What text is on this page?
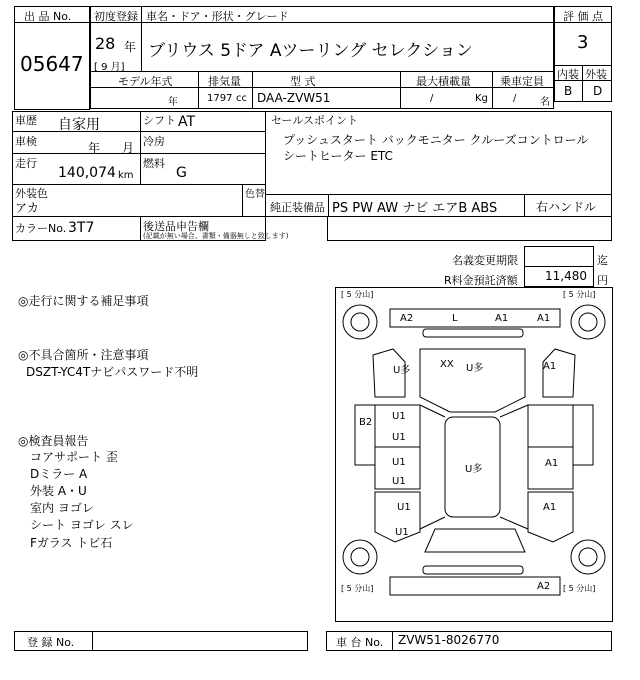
出 品 No.
05647
初度登録 車名・ドア・形状・グレード
28 年
[ 9 月]
ブリウス 5ドア Aツーリング セレクション
評 価 点
3
内装 外装
B D
モデル年式	排気量	型 式	最大積載量	乗車定員
年	1797 cc DAA-ZVW51	/	Kg	/ 名
車歴 自家用	シフト AT
車検	年 月 冷房
走行
140,074 km
燃料
G
外装色
アカ
色替
カラーNo. 3T7	後送品申告欄
(記載が無い場合、書類・備器無しと致します)
セールスポイント
プッシュスタート バックモニター クルーズコントロール
シートヒーター ETC
純正装備品 PS PW AW ナビ エアB ABS	右ハンドル
名義変更期限	迄
R料金預託済額 11,480 円
◎走行に関する補足事項
◎不具合箇所・注意事項
DSZT-YC4Tナビパスワード不明
◎検査員報告
コアサポート 歪
Dミラー A
外装 A・U
室内 ヨゴレ
シート ヨゴレ スレ
Fガラス トビ石
[ 5 分山]	[ 5 分山]
[ 5 分山]	[ 5 分山]
A2	L	A1	A1
U多
XX U多	A1
B2
U1
U1
U1
U1
U多
A1
U1
U1
A1
A2
登 録 No.	車 台 No. ZVW51-8026770
